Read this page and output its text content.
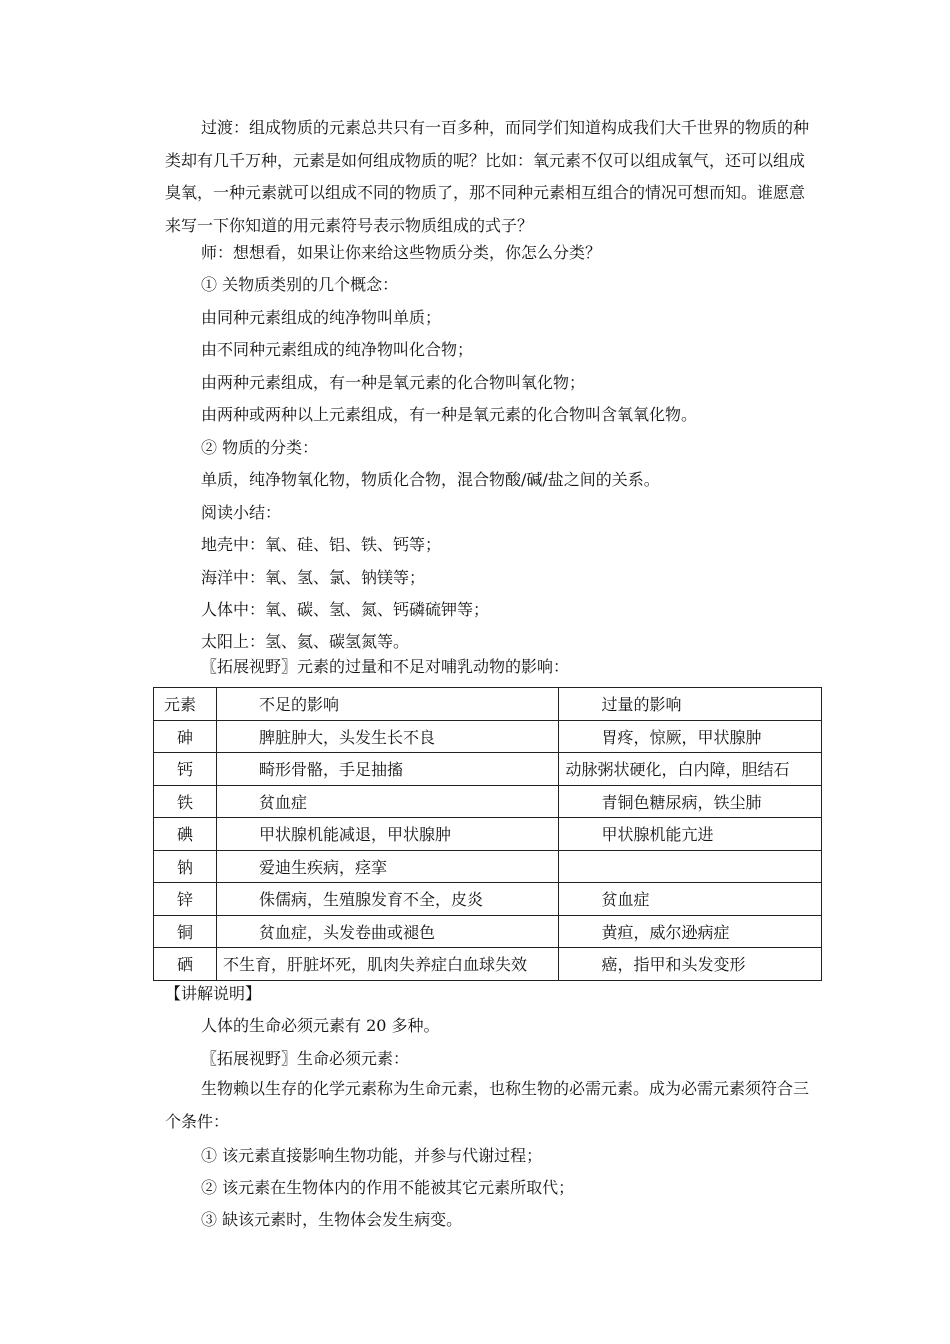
过渡：组成物质的元素总共只有一百多种，而同学们知道构成我们大千世界的物质的种类却有几千万种，元素是如何组成物质的呢？比如：氧元素不仅可以组成氧气，还可以组成臭氧，一种元素就可以组成不同的物质了，那不同种元素相互组合的情况可想而知。谁愿意来写一下你知道的用元素符号表示物质组成的式子？

师：想想看，如果让你来给这些物质分类，你怎么分类？
① 关物质类别的几个概念：
由同种元素组成的纯净物叫单质；
由不同种元素组成的纯净物叫化合物；
由两种元素组成，有一种是氧元素的化合物叫氧化物；
由两种或两种以上元素组成，有一种是氧元素的化合物叫含氧氧化物。
② 物质的分类：
单质，纯净物氧化物，物质化合物，混合物酸/碱/盐之间的关系。
阅读小结：
地壳中：氧、硅、铝、铁、钙等；
海洋中：氧、氢、氯、钠镁等；
人体中：氧、碳、氢、氮、钙磷硫钾等；
太阳上：氢、氦、碳氢氮等。
〖拓展视野〗元素的过量和不足对哺乳动物的影响：
元素	不足的影响	过量的影响
砷	脾脏肿大，头发生长不良	胃疼，惊厥，甲状腺肿
钙	畸形骨骼，手足抽搐	动脉粥状硬化，白内障，胆结石
铁	贫血症	青铜色糖尿病，铁尘肺
碘	甲状腺机能减退，甲状腺肿	甲状腺机能亢进
钠	爱迪生疾病，痉挛	
锌	侏儒病，生殖腺发育不全，皮炎	贫血症
铜	贫血症，头发卷曲或褪色	黄疸，威尔逊病症
硒	不生育，肝脏坏死，肌肉失养症白血球失效	癌，指甲和头发变形
【讲解说明】
人体的生命必须元素有 20 多种。
〖拓展视野〗生命必须元素：

生物赖以生存的化学元素称为生命元素，也称生物的必需元素。成为必需元素须符合三个条件：

① 该元素直接影响生物功能，并参与代谢过程；
② 该元素在生物体内的作用不能被其它元素所取代；
③ 缺该元素时，生物体会发生病变。
